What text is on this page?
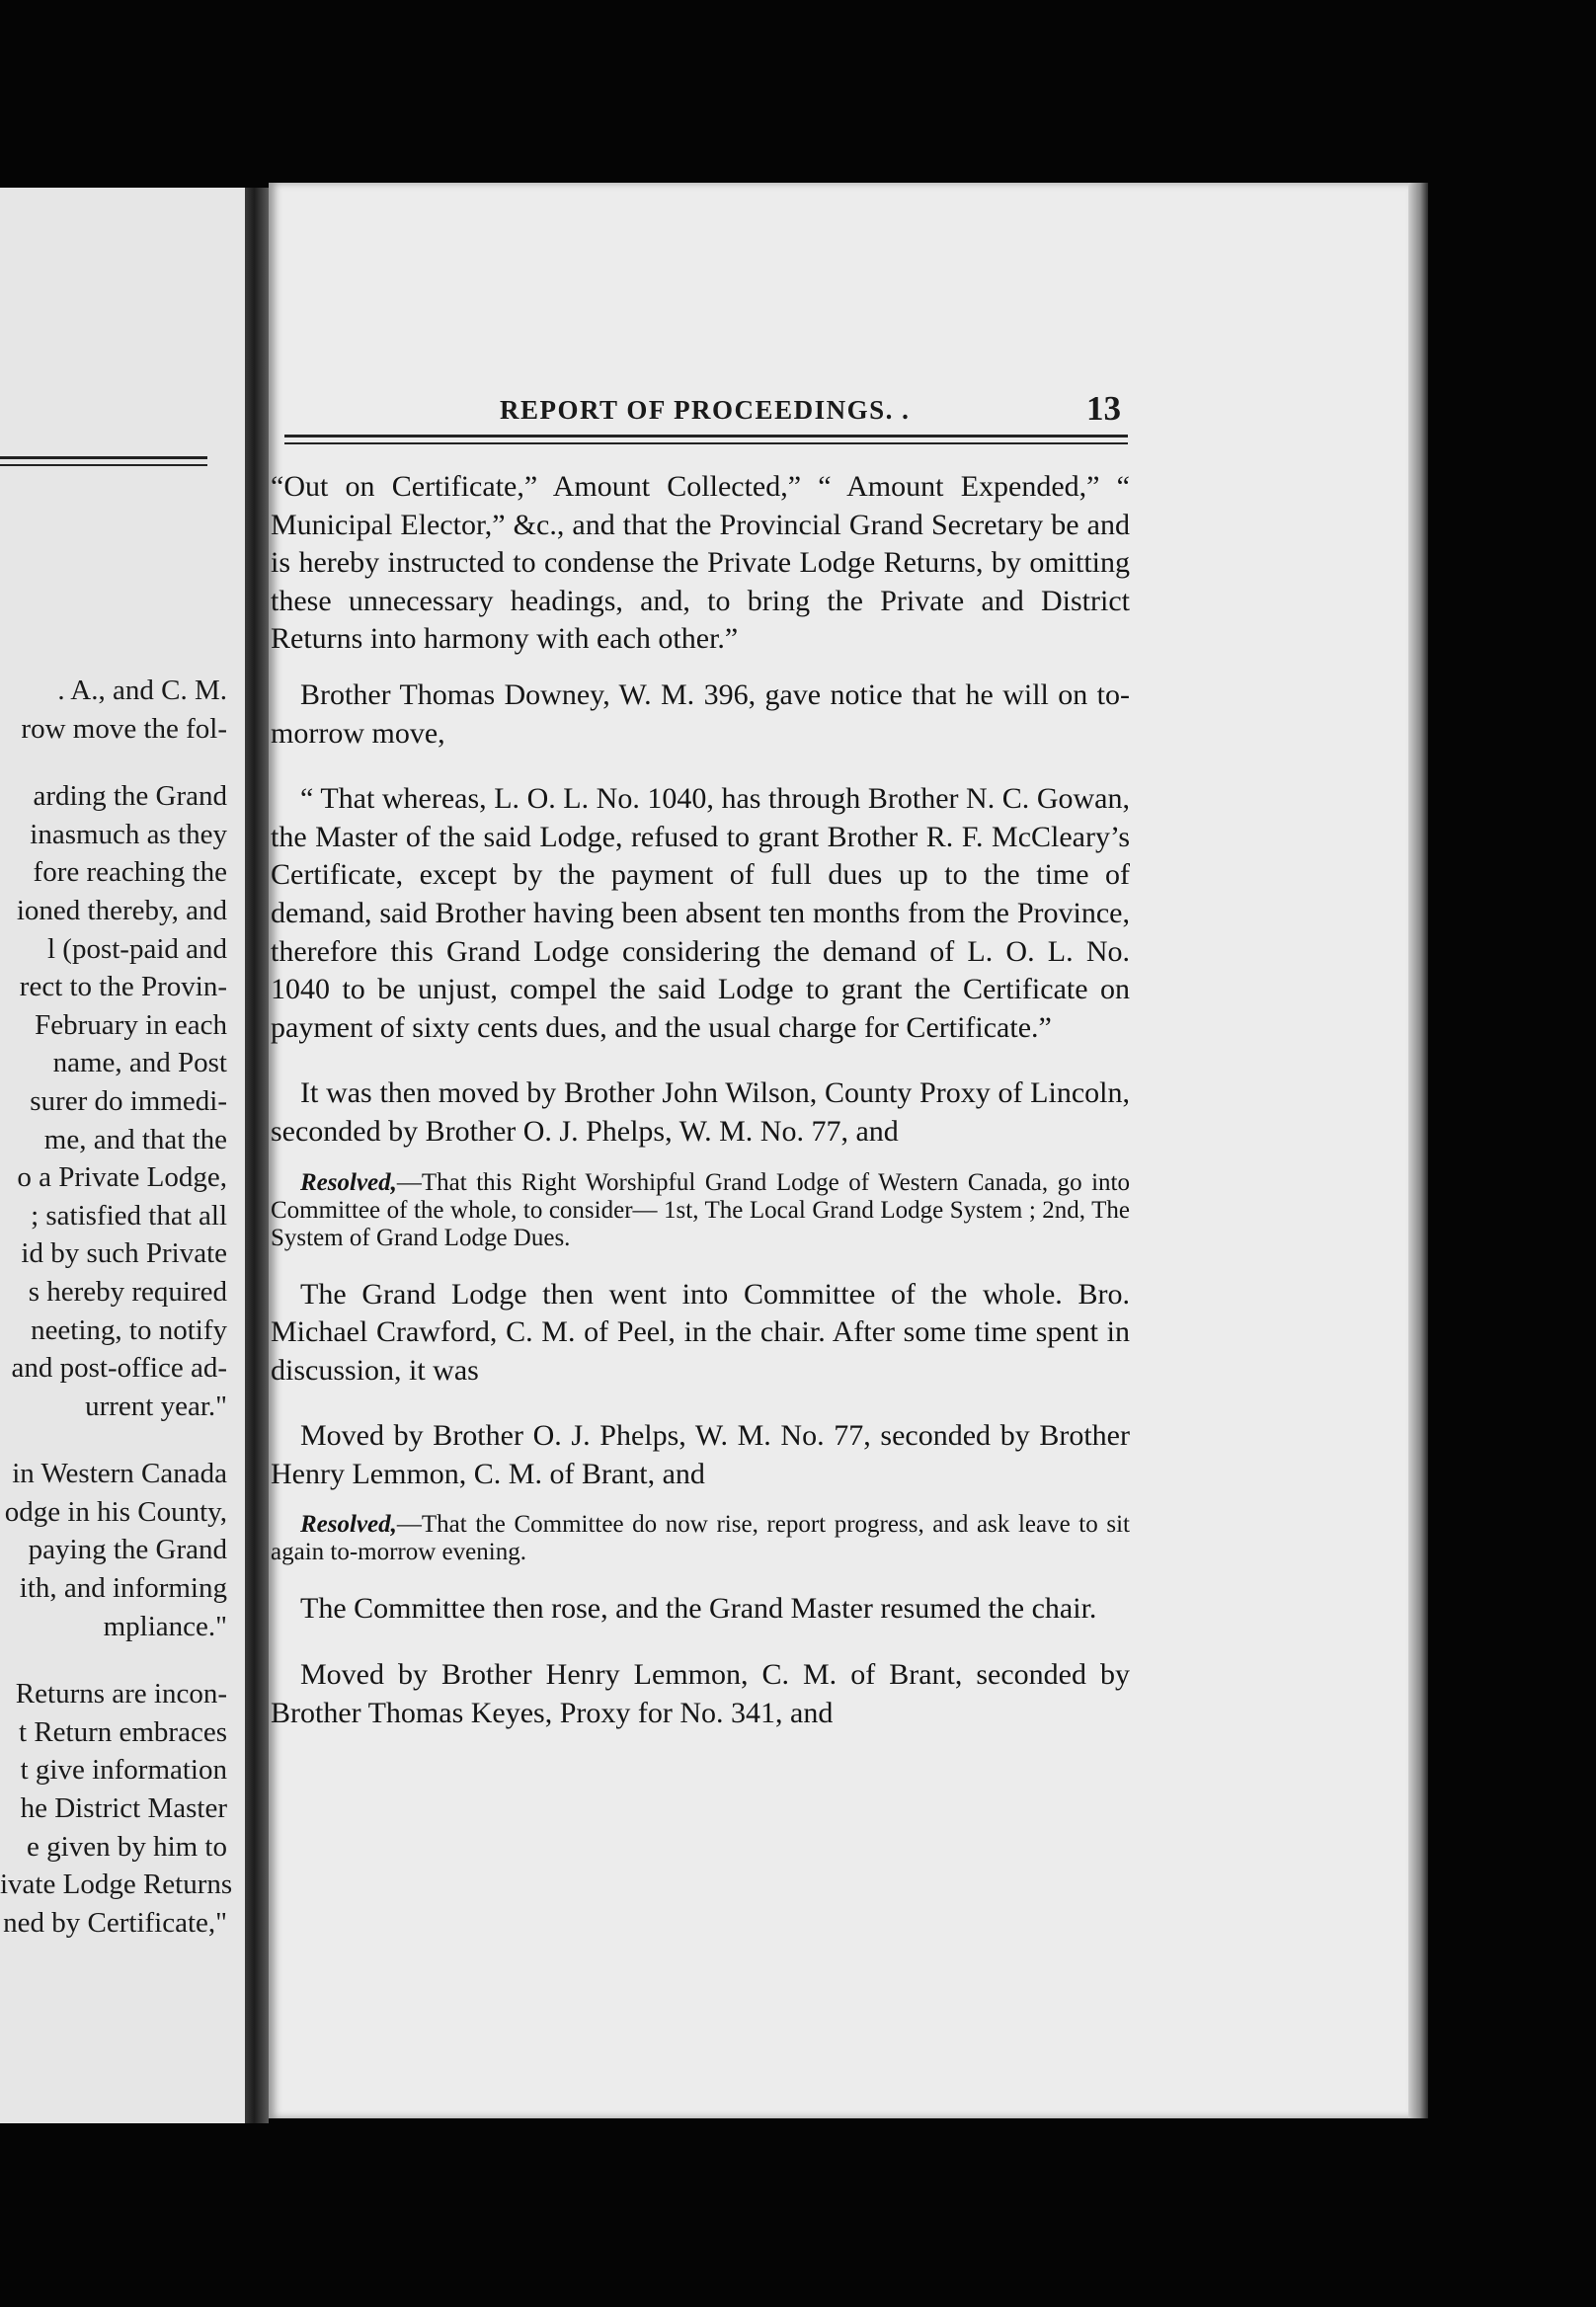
. A., and C. M.
row move the fol-
arding the Grand
inasmuch as they
fore reaching the
ioned thereby, and
l (post-paid and
rect to the Provin-
February in each
name, and Post
surer do immedi-
me, and that the
o a Private Lodge,
; satisfied that all
id by such Private
s hereby required
neeting, to notify
and post-office ad-
urrent year."
in Western Canada
odge in his County,
paying the Grand
ith, and informing
mpliance."
Returns are incon-
t Return embraces
t give information
he District Master
e given by him to
ivate Lodge Returns
ned by Certificate,"
REPORT OF PROCEEDINGS. .	13

“Out on Certificate,” Amount Collected,” “ Amount Expended,” “ Municipal Elector,” &c., and that the Provincial Grand Secretary be and is hereby instructed to condense the Private Lodge Returns, by omitting these unnecessary headings, and, to bring the Private and District Returns into harmony with each other.”

Brother Thomas Downey, W. M. 396, gave notice that he will on to-morrow move,

“ That whereas, L. O. L. No. 1040, has through Brother N. C. Gowan, the Master of the said Lodge, refused to grant Brother R. F. McCleary’s Certificate, except by the payment of full dues up to the time of demand, said Brother having been absent ten months from the Province, therefore this Grand Lodge considering the demand of L. O. L. No. 1040 to be unjust, compel the said Lodge to grant the Certificate on payment of sixty cents dues, and the usual charge for Certificate.”

It was then moved by Brother John Wilson, County Proxy of Lincoln, seconded by Brother O. J. Phelps, W. M. No. 77, and

Resolved,—That this Right Worshipful Grand Lodge of Western Canada, go into Committee of the whole, to consider— 1st, The Local Grand Lodge System ; 2nd, The System of Grand Lodge Dues.

The Grand Lodge then went into Committee of the whole. Bro. Michael Crawford, C. M. of Peel, in the chair. After some time spent in discussion, it was

Moved by Brother O. J. Phelps, W. M. No. 77, seconded by Brother Henry Lemmon, C. M. of Brant, and

Resolved,—That the Committee do now rise, report progress, and ask leave to sit again to-morrow evening.

The Committee then rose, and the Grand Master resumed the chair.

Moved by Brother Henry Lemmon, C. M. of Brant, seconded by Brother Thomas Keyes, Proxy for No. 341, and
